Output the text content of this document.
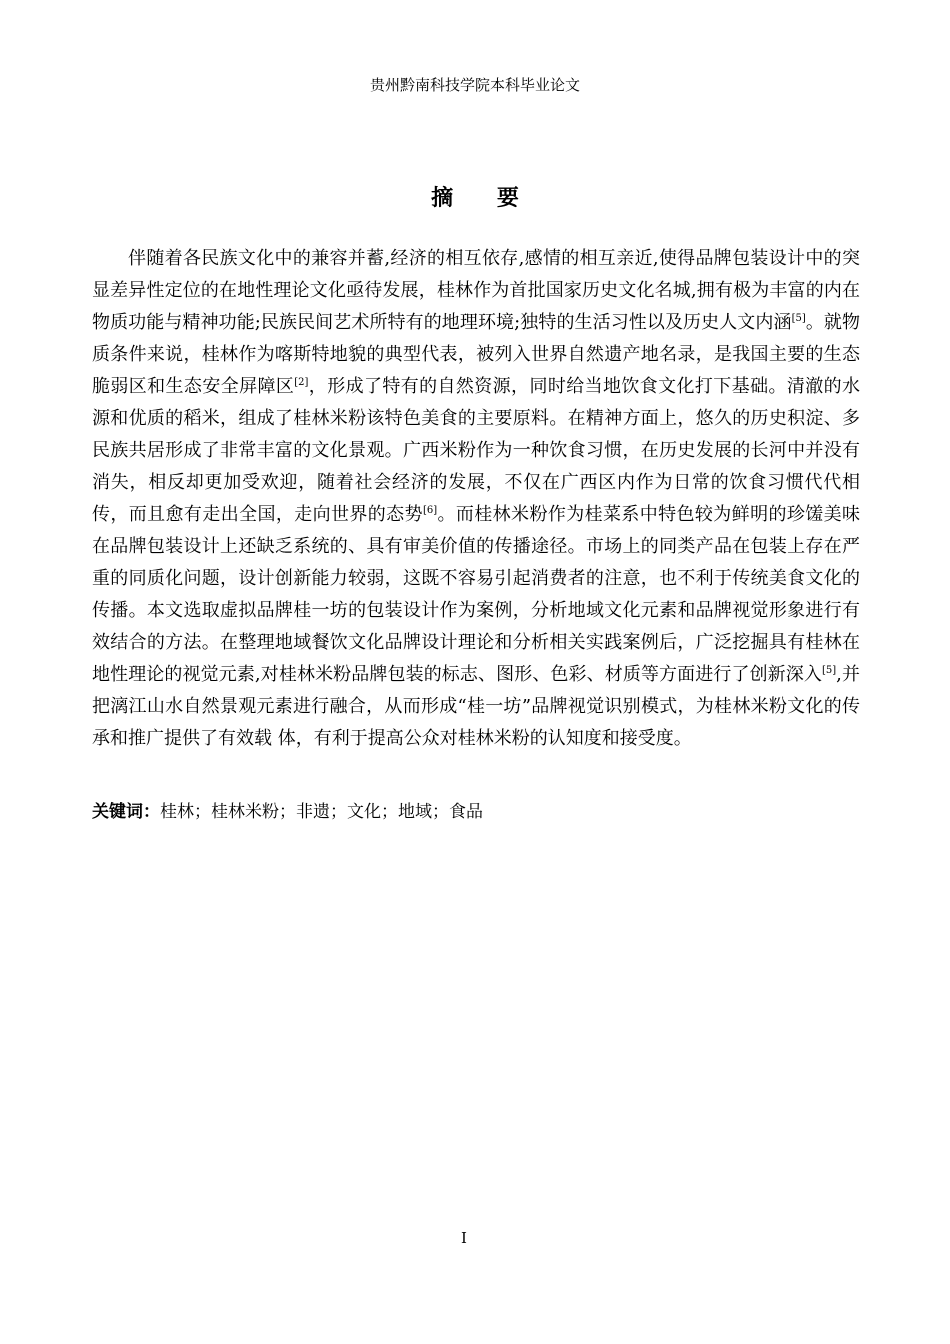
贵州黔南科技学院本科毕业论文
摘 要

伴随着各民族文化中的兼容并蓄,经济的相互依存,感情的相互亲近,使得品牌包装设计中的突显差异性定位的在地性理论文化亟待发展，桂林作为首批国家历史文化名城,拥有极为丰富的内在物质功能与精神功能;民族民间艺术所特有的地理环境;独特的生活习性以及历史人文内涵[5]。就物质条件来说，桂林作为喀斯特地貌的典型代表，被列入世界自然遗产地名录，是我国主要的生态脆弱区和生态安全屏障区[2]，形成了特有的自然资源，同时给当地饮食文化打下基础。清澈的水源和优质的稻米，组成了桂林米粉该特色美食的主要原料。在精神方面上，悠久的历史积淀、多民族共居形成了非常丰富的文化景观。广西米粉作为一种饮食习惯，在历史发展的长河中并没有消失，相反却更加受欢迎，随着社会经济的发展，不仅在广西区内作为日常的饮食习惯代代相传，而且愈有走出全国，走向世界的态势[6]。而桂林米粉作为桂菜系中特色较为鲜明的珍馐美味在品牌包装设计上还缺乏系统的、具有审美价值的传播途径。市场上的同类产品在包装上存在严重的同质化问题，设计创新能力较弱，这既不容易引起消费者的注意，也不利于传统美食文化的传播。本文选取虚拟品牌桂一坊的包装设计作为案例，分析地域文化元素和品牌视觉形象进行有效结合的方法。在整理地域餐饮文化品牌设计理论和分析相关实践案例后，广泛挖掘具有桂林在地性理论的视觉元素,对桂林米粉品牌包装的标志、图形、色彩、材质等方面进行了创新深入[5],并把漓江山水自然景观元素进行融合，从而形成“桂一坊”品牌视觉识别模式，为桂林米粉文化的传承和推广提供了有效载 体，有利于提高公众对桂林米粉的认知度和接受度。

关键词：桂林；桂林米粉；非遗；文化；地域；食品
I
